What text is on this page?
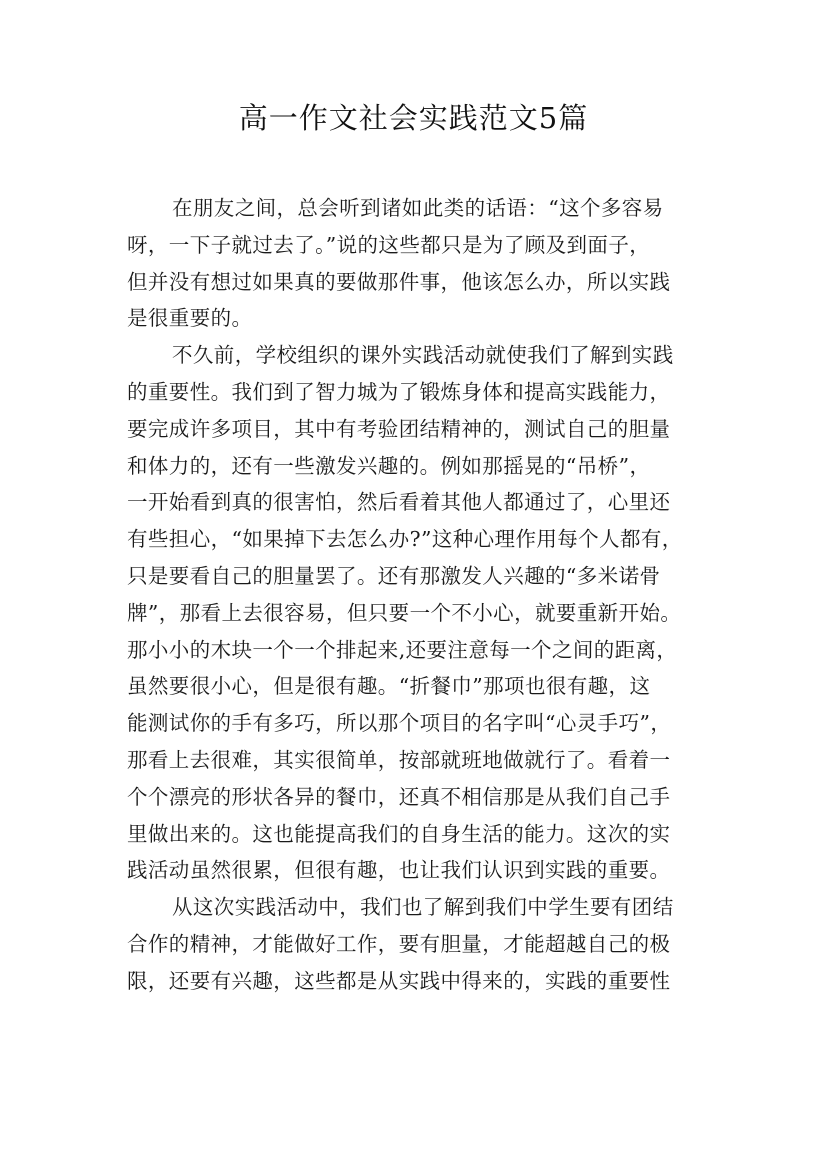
高一作文社会实践范文5篇
在朋友之间，总会听到诸如此类的话语：“这个多容易
呀，一下子就过去了。”说的这些都只是为了顾及到面子，
但并没有想过如果真的要做那件事，他该怎么办，所以实践
是很重要的。
不久前，学校组织的课外实践活动就使我们了解到实践
的重要性。我们到了智力城为了锻炼身体和提高实践能力，
要完成许多项目，其中有考验团结精神的，测试自己的胆量
和体力的，还有一些激发兴趣的。例如那摇晃的“吊桥”，
一开始看到真的很害怕，然后看着其他人都通过了，心里还
有些担心，“如果掉下去怎么办?”这种心理作用每个人都有，
只是要看自己的胆量罢了。还有那激发人兴趣的“多米诺骨
牌”，那看上去很容易，但只要一个不小心，就要重新开始。
那小小的木块一个一个排起来,还要注意每一个之间的距离，
虽然要很小心，但是很有趣。“折餐巾”那项也很有趣，这
能测试你的手有多巧，所以那个项目的名字叫“心灵手巧”，
那看上去很难，其实很简单，按部就班地做就行了。看着一
个个漂亮的形状各异的餐巾，还真不相信那是从我们自己手
里做出来的。这也能提高我们的自身生活的能力。这次的实
践活动虽然很累，但很有趣，也让我们认识到实践的重要。
从这次实践活动中，我们也了解到我们中学生要有团结
合作的精神，才能做好工作，要有胆量，才能超越自己的极
限，还要有兴趣，这些都是从实践中得来的，实践的重要性
